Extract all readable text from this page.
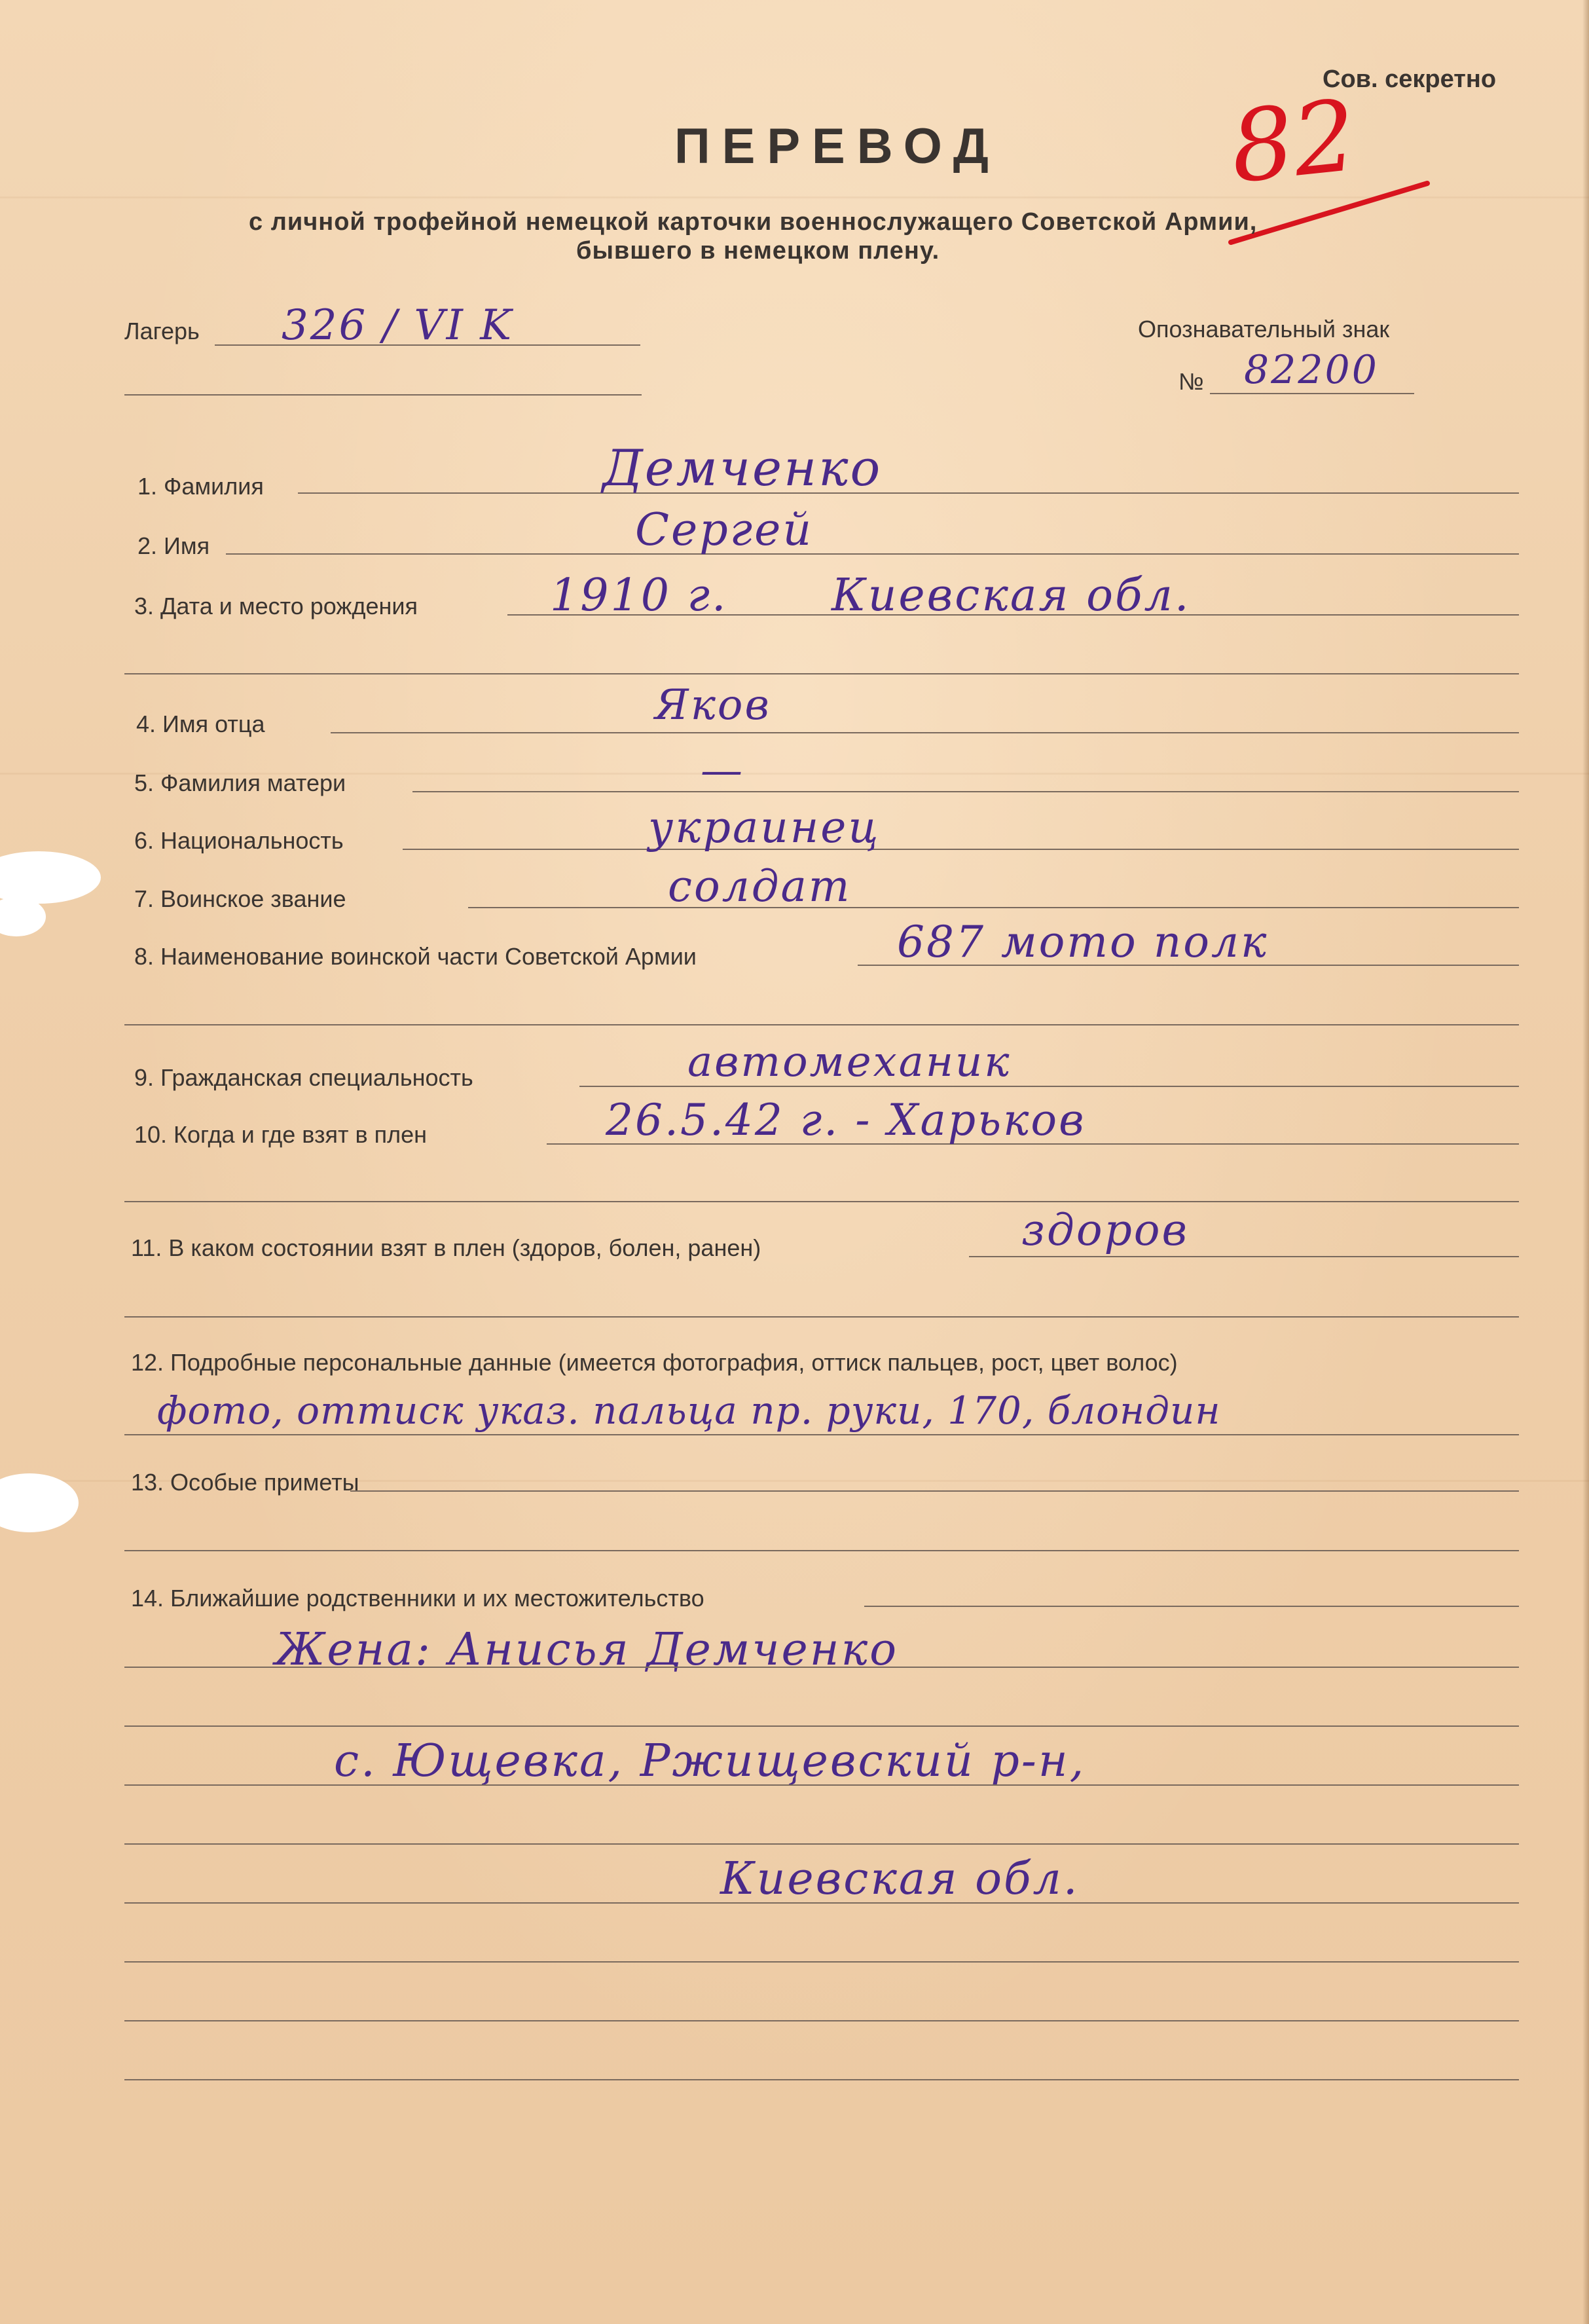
Сов. секретно
82
ПЕРЕВОД
с личной трофейной немецкой карточки военнослужащего Советской Армии,
бывшего в немецком плену.
Лагерь 326 / VI K	Опознавательный знак
№ 82200
1. Фамилия	Демченко
2. Имя	Сергей
3. Дата и место рождения	1910 г. Киевская обл.
4. Имя отца	Яков
5. Фамилия матери	—
6. Национальность	украинец
7. Воинское звание	солдат
8. Наименование воинской части Советской Армии	687 мото полк
9. Гражданская специальность	автомеханик
10. Когда и где взят в плен	26.5.42 г. - Харьков
11. В каком состоянии взят в плен (здоров, болен, ранен)	здоров
12. Подробные персональные данные (имеется фотография, оттиск пальцев, рост, цвет волос)
фото, оттиск указ. пальца пр. руки, 170, блондин
13. Особые приметы
14. Ближайшие родственники и их местожительство
Жена: Анисья Демченко
с. Ющевка, Ржищевский р-н,
Киевская обл.
